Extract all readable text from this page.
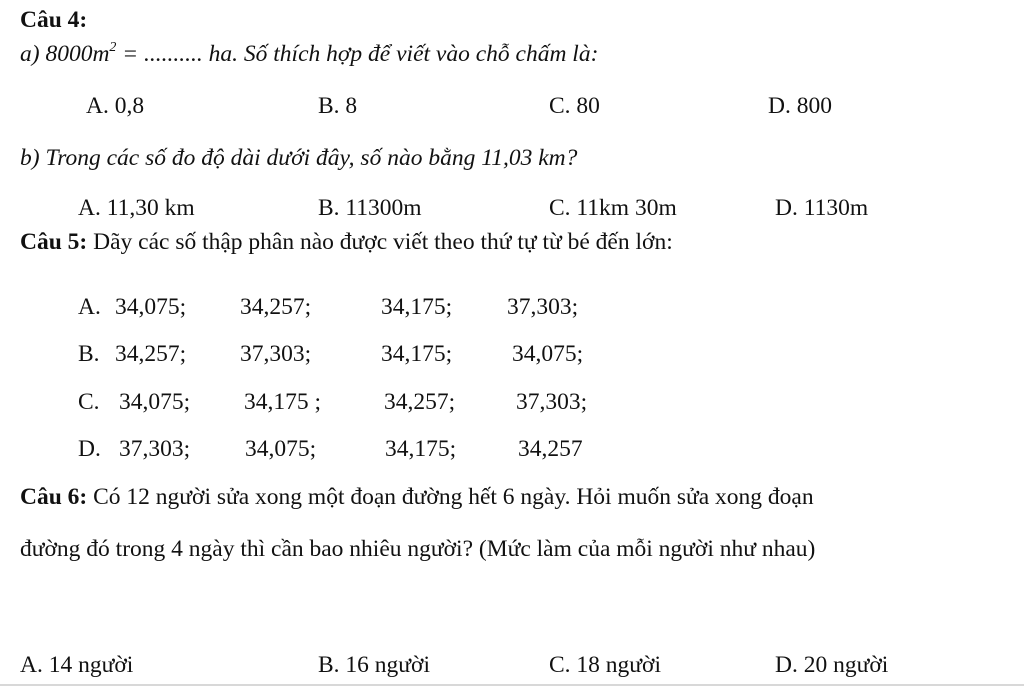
Câu 4:
a) $8000m^2$ = .......... ha. Số thích hợp để viết vào chỗ chấm là:
A. 0,8	B. 8	C. 80	D. 800
b) Trong các số đo độ dài dưới đây, số nào bằng 11,03 km?
A. 11,30 km	B. 11300m	C. 11km 30m	D. 1130m
Câu 5: Dãy các số thập phân nào được viết theo thứ tự từ bé đến lớn:
A. 34,075; 34,257;	34,175; 37,303;
B. 34,257; 37,303;	34,175;	34,075;
C. 34,075; 34,175 ;	34,257;	37,303;
D. 37,303; 34,075;	34,175;	34,257
Câu 6: Có 12 người sửa xong một đoạn đường hết 6 ngày. Hỏi muốn sửa xong đoạn
đường đó trong 4 ngày thì cần bao nhiêu người? (Mức làm của mỗi người như nhau)
A. 14 người	B. 16 người	C. 18 người	D. 20 người
